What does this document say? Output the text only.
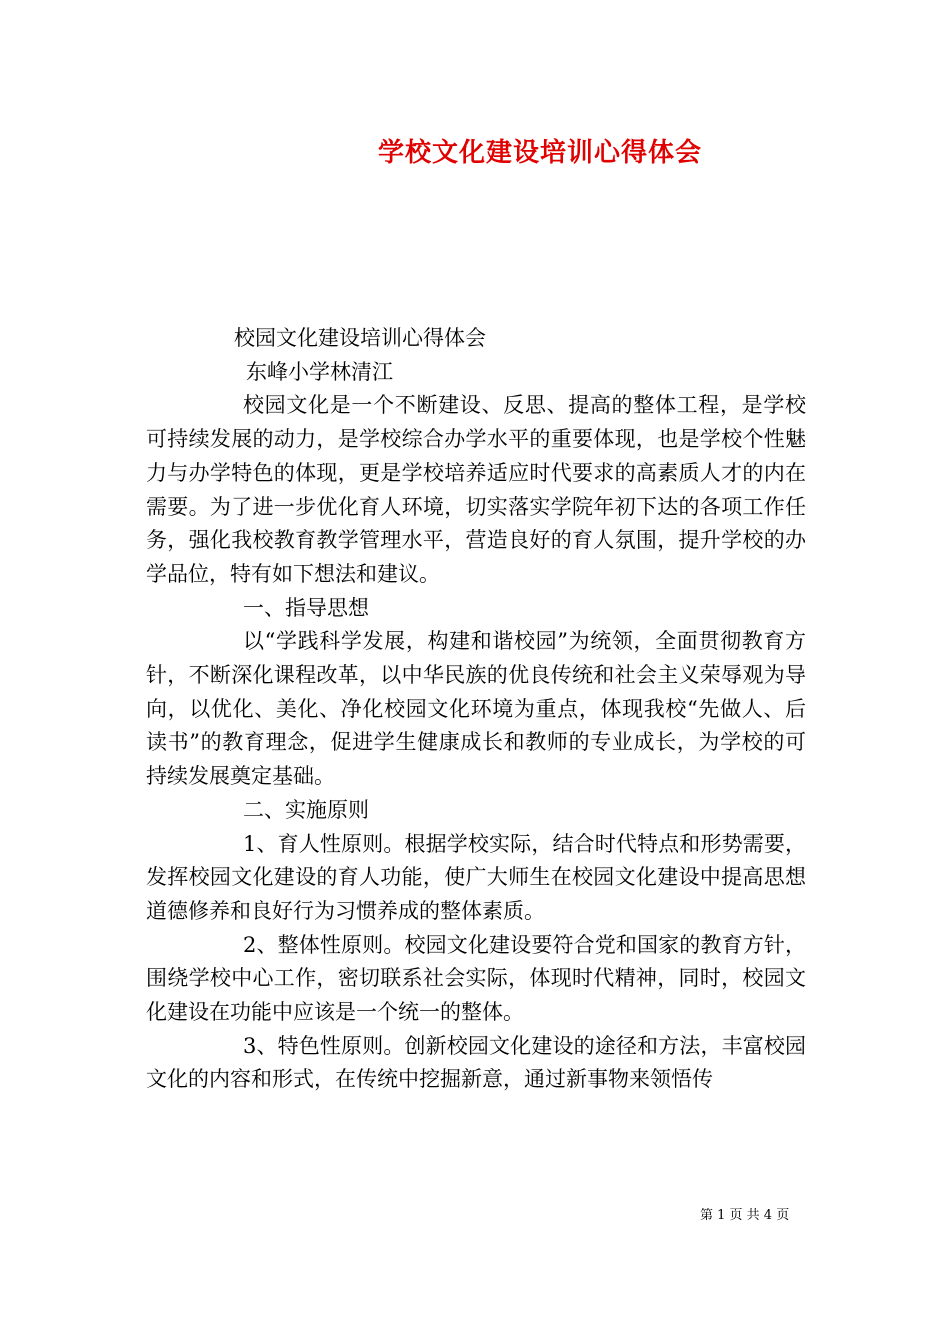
学校文化建设培训心得体会

校园文化建设培训心得体会

东峰小学林清江

校园文化是一个不断建设、反思、提高的整体工程，是学校可持续发展的动力，是学校综合办学水平的重要体现，也是学校个性魅力与办学特色的体现，更是学校培养适应时代要求的高素质人才的内在需要。为了进一步优化育人环境，切实落实学院年初下达的各项工作任务，强化我校教育教学管理水平，营造良好的育人氛围，提升学校的办学品位，特有如下想法和建议。

一、指导思想

以“学践科学发展，构建和谐校园”为统领，全面贯彻教育方针，不断深化课程改革，以中华民族的优良传统和社会主义荣辱观为导向，以优化、美化、净化校园文化环境为重点，体现我校“先做人、后读书”的教育理念，促进学生健康成长和教师的专业成长，为学校的可持续发展奠定基础。

二、实施原则

1、育人性原则。根据学校实际，结合时代特点和形势需要，发挥校园文化建设的育人功能，使广大师生在校园文化建设中提高思想道德修养和良好行为习惯养成的整体素质。

2、整体性原则。校园文化建设要符合党和国家的教育方针，围绕学校中心工作，密切联系社会实际，体现时代精神，同时，校园文化建设在功能中应该是一个统一的整体。

3、特色性原则。创新校园文化建设的途径和方法，丰富校园文化的内容和形式，在传统中挖掘新意，通过新事物来领悟传

第 1 页 共 4 页
